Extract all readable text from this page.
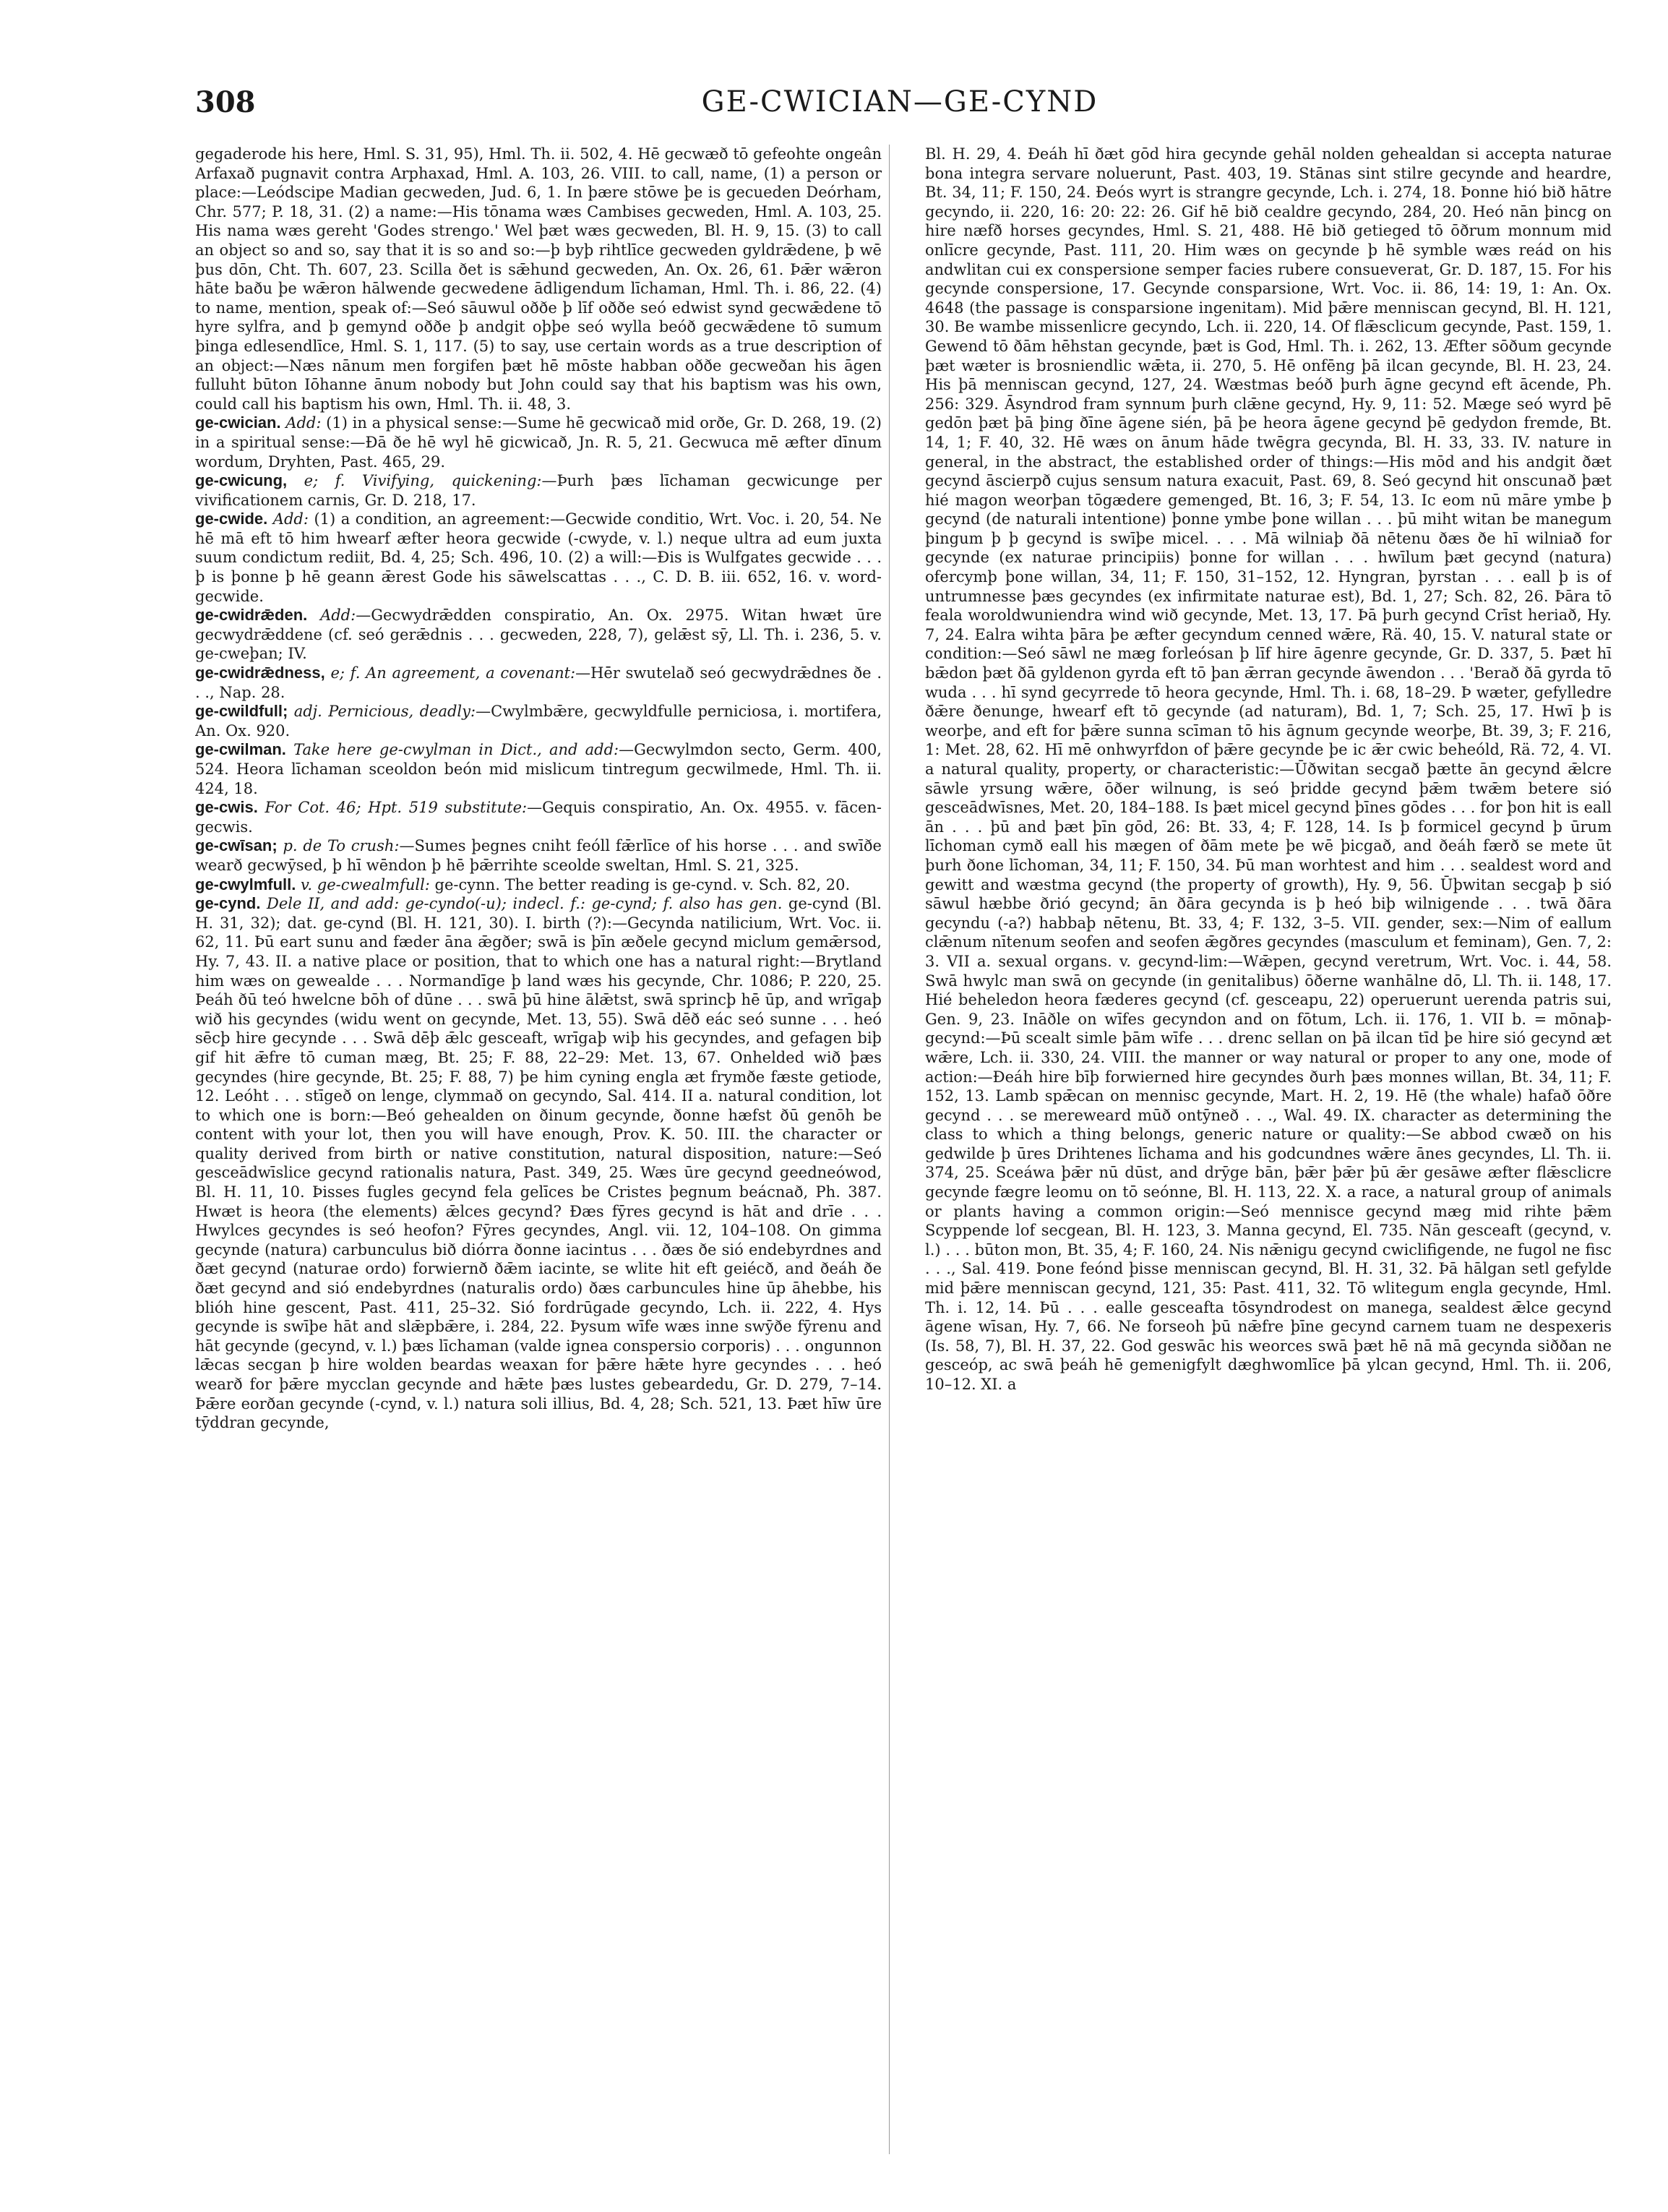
308	GE-CWICIAN—GE-CYND

gegaderode his here, Hml. S. 31, 95), Hml. Th. ii. 502, 4. Hē gecwæð tō gefeohte ongeân Arfaxað pugnavit contra Arphaxad, Hml. A. 103, 26. VIII. to call, name, (1) a person or place:—Leódscipe Madian gecweden, Jud. 6, 1. In þære stōwe þe is gecueden Deórham, Chr. 577; P. 18, 31. (2) a name:—His tōnama wæs Cambises gecweden, Hml. A. 103, 25. His nama wæs gereht 'Godes strengo.' Wel þæt wæs gecweden, Bl. H. 9, 15. (3) to call an object so and so, say that it is so and so:—þ byþ rihtlīce gecweden gyldrǣdene, þ wē þus dōn, Cht. Th. 607, 23. Scilla ðet is sǣhund gecweden, An. Ox. 26, 61. Þǣr wǣron hāte baðu þe wǣron hālwende gecwedene ādligendum līchaman, Hml. Th. i. 86, 22. (4) to name, mention, speak of:—Seó sāuwul oððe þ līf oððe seó edwist synd gecwǣdene tō hyre sylfra, and þ gemynd oððe þ andgit oþþe seó wylla beóð gecwǣdene tō sumum þinga edlesendlīce, Hml. S. 1, 117. (5) to say, use certain words as a true description of an object:—Næs nānum men forgifen þæt hē mōste habban oððe gecweðan his āgen fulluht būton Iōhanne ānum nobody but John could say that his baptism was his own, could call his baptism his own, Hml. Th. ii. 48, 3.

ge-cwician. Add: (1) in a physical sense:—Sume hē gecwicað mid orðe, Gr. D. 268, 19. (2) in a spiritual sense:—Ðā ðe hē wyl hē gicwicað, Jn. R. 5, 21. Gecwuca mē æfter dīnum wordum, Dryhten, Past. 465, 29.

ge-cwicung, e; f. Vivifying, quickening:—Þurh þæs līchaman gecwicunge per vivificationem carnis, Gr. D. 218, 17.

ge-cwide. Add: (1) a condition, an agreement:—Gecwide conditio, Wrt. Voc. i. 20, 54. Ne hē mā eft tō him hwearf æfter heora gecwide (-cwyde, v. l.) neque ultra ad eum juxta suum condictum rediit, Bd. 4, 25; Sch. 496, 10. (2) a will:—Ðis is Wulfgates gecwide . . . þ is þonne þ hē geann ǣrest Gode his sāwelscattas . . ., C. D. B. iii. 652, 16. v. word-gecwide.

ge-cwidrǣden. Add:—Gecwydrǣdden conspiratio, An. Ox. 2975. Witan hwæt ūre gecwydrǣddene (cf. seó gerǣdnis . . . gecweden, 228, 7), gelǣst sȳ, Ll. Th. i. 236, 5. v. ge-cweþan; IV.

ge-cwidrǣdness, e; f. An agreement, a covenant:—Hēr swutelað seó gecwydrǣdnes ðe . . ., Nap. 28.

ge-cwildfull; adj. Pernicious, deadly:—Cwylmbǣre, gecwyldfulle perniciosa, i. mortifera, An. Ox. 920.

ge-cwilman. Take here ge-cwylman in Dict., and add:—Gecwylmdon secto, Germ. 400, 524. Heora līchaman sceoldon beón mid mislicum tintregum gecwilmede, Hml. Th. ii. 424, 18.

ge-cwis. For Cot. 46; Hpt. 519 substitute:—Gequis conspiratio, An. Ox. 4955. v. fācen-gecwis.

ge-cwīsan; p. de To crush:—Sumes þegnes cniht feóll fǣrlīce of his horse . . . and swīðe wearð gecwȳsed, þ hī wēndon þ hē þǣrrihte sceolde sweltan, Hml. S. 21, 325.

ge-cwylmfull. v. ge-cwealmfull: ge-cynn. The better reading is ge-cynd. v. Sch. 82, 20.

ge-cynd. Dele II, and add: ge-cyndo(-u); indecl. f.: ge-cynd; f. also has gen. ge-cynd (Bl. H. 31, 32); dat. ge-cynd (Bl. H. 121, 30). I. birth (?):—Gecynda natilicium, Wrt. Voc. ii. 62, 11. Þū eart sunu and fæder āna ǣgðer; swā is þīn æðele gecynd miclum gemǣrsod, Hy. 7, 43. II. a native place or position, that to which one has a natural right:—Brytland him wæs on gewealde . . . Normandīge þ land wæs his gecynde, Chr. 1086; P. 220, 25. Þeáh ðū teó hwelcne bōh of dūne . . . swā þū hine ālǣtst, swā sprincþ hē ūp, and wrīgaþ wið his gecyndes (widu went on gecynde, Met. 13, 55). Swā dēð eác seó sunne . . . heó sēcþ hire gecynde . . . Swā dēþ ǣlc gesceaft, wrīgaþ wiþ his gecyndes, and gefagen biþ gif hit ǣfre tō cuman mæg, Bt. 25; F. 88, 22–29: Met. 13, 67. Onhelded wið þæs gecyndes (hire gecynde, Bt. 25; F. 88, 7) þe him cyning engla æt frymðe fæste getiode, 12. Leóht . . . stīgeð on lenge, clymmað on gecyndo, Sal. 414. II a. natural condition, lot to which one is born:—Beó gehealden on ðinum gecynde, ðonne hæfst ðū genōh be content with your lot, then you will have enough, Prov. K. 50. III. the character or quality derived from birth or native constitution, natural disposition, nature:—Seó gesceādwīslice gecynd rationalis natura, Past. 349, 25. Wæs ūre gecynd geedneówod, Bl. H. 11, 10. Þisses fugles gecynd fela gelīces be Cristes þegnum beácnað, Ph. 387. Hwæt is heora (the elements) ǣlces gecynd? Ðæs fȳres gecynd is hāt and drīe . . . Hwylces gecyndes is seó heofon? Fȳres gecyndes, Angl. vii. 12, 104–108. On gimma gecynde (natura) carbunculus bið diórra ðonne iacintus . . . ðæs ðe sió endebyrdnes and ðæt gecynd (naturae ordo) forwiernð ðǣm iacinte, se wlite hit eft geiécð, and ðeáh ðe ðæt gecynd and sió endebyrdnes (naturalis ordo) ðæs carbuncules hine ūp āhebbe, his blióh hine gescent, Past. 411, 25–32. Sió fordrūgade gecyndo, Lch. ii. 222, 4. Hys gecynde is swīþe hāt and slǣpbǣre, i. 284, 22. Þysum wīfe wæs inne swȳðe fȳrenu and hāt gecynde (gecynd, v. l.) þæs līchaman (valde ignea conspersio corporis) . . . ongunnon lǣcas secgan þ hire wolden beardas weaxan for þǣre hǣte hyre gecyndes . . . heó wearð for þǣre mycclan gecynde and hǣte þæs lustes gebeardedu, Gr. D. 279, 7–14. Þǣre eorðan gecynde (-cynd, v. l.) natura soli illius, Bd. 4, 28; Sch. 521, 13. Þæt hīw ūre tȳddran gecynde,

Bl. H. 29, 4. Ðeáh hī ðæt gōd hira gecynde gehāl nolden gehealdan si accepta naturae bona integra servare noluerunt, Past. 403, 19. Stānas sint stilre gecynde and heardre, Bt. 34, 11; F. 150, 24. Ðeós wyrt is strangre gecynde, Lch. i. 274, 18. Þonne hió bið hātre gecyndo, ii. 220, 16: 20: 22: 26. Gif hē bið cealdre gecyndo, 284, 20. Heó nān þincg on hire næfð horses gecyndes, Hml. S. 21, 488. Hē bið getieged tō ōðrum monnum mid onlīcre gecynde, Past. 111, 20. Him wæs on gecynde þ hē symble wæs reád on his andwlitan cui ex conspersione semper facies rubere consueverat, Gr. D. 187, 15. For his gecynde conspersione, 17. Gecynde consparsione, Wrt. Voc. ii. 86, 14: 19, 1: An. Ox. 4648 (the passage is consparsione ingenitam). Mid þǣre menniscan gecynd, Bl. H. 121, 30. Be wambe missenlicre gecyndo, Lch. ii. 220, 14. Of flǣsclicum gecynde, Past. 159, 1. Gewend tō ðām hēhstan gecynde, þæt is God, Hml. Th. i. 262, 13. Æfter sōðum gecynde þæt wæter is brosniendlic wǣta, ii. 270, 5. Hē onfēng þā ilcan gecynde, Bl. H. 23, 24. His þā menniscan gecynd, 127, 24. Wæstmas beóð þurh āgne gecynd eft ācende, Ph. 256: 329. Āsyndrod fram synnum þurh clǣne gecynd, Hy. 9, 11: 52. Mæge seó wyrd þē gedōn þæt þā þing ðīne āgene sién, þā þe heora āgene gecynd þē gedydon fremde, Bt. 14, 1; F. 40, 32. Hē wæs on ānum hāde twēgra gecynda, Bl. H. 33, 33. IV. nature in general, in the abstract, the established order of things:—His mōd and his andgit ðæt gecynd āscierpð cujus sensum natura exacuit, Past. 69, 8. Seó gecynd hit onscunað þæt hié magon weorþan tōgædere gemenged, Bt. 16, 3; F. 54, 13. Ic eom nū māre ymbe þ gecynd (de naturali intentione) þonne ymbe þone willan . . . þū miht witan be manegum þingum þ þ gecynd is swīþe micel. . . . Mā wilniaþ ðā nētenu ðæs ðe hī wilniað for gecynde (ex naturae principiis) þonne for willan . . . hwīlum þæt gecynd (natura) ofercymþ þone willan, 34, 11; F. 150, 31–152, 12. Hyngran, þyrstan . . . eall þ is of untrumnesse þæs gecyndes (ex infirmitate naturae est), Bd. 1, 27; Sch. 82, 26. Þāra tō feala woroldwuniendra wind wið gecynde, Met. 13, 17. Þā þurh gecynd Crīst heriað, Hy. 7, 24. Ealra wihta þāra þe æfter gecyndum cenned wǣre, Rä. 40, 15. V. natural state or condition:—Seó sāwl ne mæg forleósan þ līf hire āgenre gecynde, Gr. D. 337, 5. Þæt hī bǣdon þæt ðā gyldenon gyrda eft tō þan ǣrran gecynde āwendon . . . 'Berað ðā gyrda tō wuda . . . hī synd gecyrrede tō heora gecynde, Hml. Th. i. 68, 18–29. Þ wæter, gefylledre ðǣre ðenunge, hwearf eft tō gecynde (ad naturam), Bd. 1, 7; Sch. 25, 17. Hwī þ is weorþe, and eft for þǣre sunna scīman tō his āgnum gecynde weorþe, Bt. 39, 3; F. 216, 1: Met. 28, 62. Hī mē onhwyrfdon of þǣre gecynde þe ic ǣr cwic beheóld, Rä. 72, 4. VI. a natural quality, property, or characteristic:—Ūðwitan secgað þætte ān gecynd ǣlcre sāwle yrsung wǣre, ōðer wilnung, is seó þridde gecynd þǣm twǣm betere sió gesceādwīsnes, Met. 20, 184–188. Is þæt micel gecynd þīnes gōdes . . . for þon hit is eall ān . . . þū and þæt þīn gōd, 26: Bt. 33, 4; F. 128, 14. Is þ formicel gecynd þ ūrum līchoman cymð eall his mægen of ðām mete þe wē þicgað, and ðeáh færð se mete ūt þurh ðone līchoman, 34, 11; F. 150, 34. Þū man worhtest and him . . . sealdest word and gewitt and wæstma gecynd (the property of growth), Hy. 9, 56. Ūþwitan secgaþ þ sió sāwul hæbbe ðrió gecynd; ān ðāra gecynda is þ heó biþ wilnigende . . . twā ðāra gecyndu (-a?) habbaþ nētenu, Bt. 33, 4; F. 132, 3–5. VII. gender, sex:—Nim of eallum clǣnum nītenum seofen and seofen ǣgðres gecyndes (masculum et feminam), Gen. 7, 2: 3. VII a. sexual organs. v. gecynd-lim:—Wǣpen, gecynd veretrum, Wrt. Voc. i. 44, 58. Swā hwylc man swā on gecynde (in genitalibus) ōðerne wanhālne dō, Ll. Th. ii. 148, 17. Hié beheledon heora fæderes gecynd (cf. gesceapu, 22) operuerunt uerenda patris sui, Gen. 9, 23. Ināðle on wīfes gecyndon and on fōtum, Lch. ii. 176, 1. VII b. = mōnaþ-gecynd:—Þū scealt simle þām wīfe . . . drenc sellan on þā ilcan tīd þe hire sió gecynd æt wǣre, Lch. ii. 330, 24. VIII. the manner or way natural or proper to any one, mode of action:—Ðeáh hire bīþ forwierned hire gecyndes ðurh þæs monnes willan, Bt. 34, 11; F. 152, 13. Lamb spǣcan on mennisc gecynde, Mart. H. 2, 19. Hē (the whale) hafað ōðre gecynd . . . se mereweard mūð ontȳneð . . ., Wal. 49. IX. character as determining the class to which a thing belongs, generic nature or quality:—Se abbod cwæð on his gedwilde þ ūres Drihtenes līchama and his godcundnes wǣre ānes gecyndes, Ll. Th. ii. 374, 25. Sceáwa þǣr nū dūst, and drȳge bān, þǣr þǣr þū ǣr gesāwe æfter flǣsclicre gecynde fægre leomu on tō seónne, Bl. H. 113, 22. X. a race, a natural group of animals or plants having a common origin:—Seó mennisce gecynd mæg mid rihte þǣm Scyppende lof secgean, Bl. H. 123, 3. Manna gecynd, El. 735. Nān gesceaft (gecynd, v. l.) . . . būton mon, Bt. 35, 4; F. 160, 24. Nis nǣnigu gecynd cwiclifigende, ne fugol ne fisc . . ., Sal. 419. Þone feónd þisse menniscan gecynd, Bl. H. 31, 32. Þā hālgan setl gefylde mid þǣre menniscan gecynd, 121, 35: Past. 411, 32. Tō wlitegum engla gecynde, Hml. Th. i. 12, 14. Þū . . . ealle gesceafta tōsyndrodest on manega, sealdest ǣlce gecynd āgene wīsan, Hy. 7, 66. Ne forseoh þū nǣfre þīne gecynd carnem tuam ne despexeris (Is. 58, 7), Bl. H. 37, 22. God geswāc his weorces swā þæt hē nā mā gecynda siððan ne gesceóp, ac swā þeáh hē gemenigfylt dæghwomlīce þā ylcan gecynd, Hml. Th. ii. 206, 10–12. XI. a
